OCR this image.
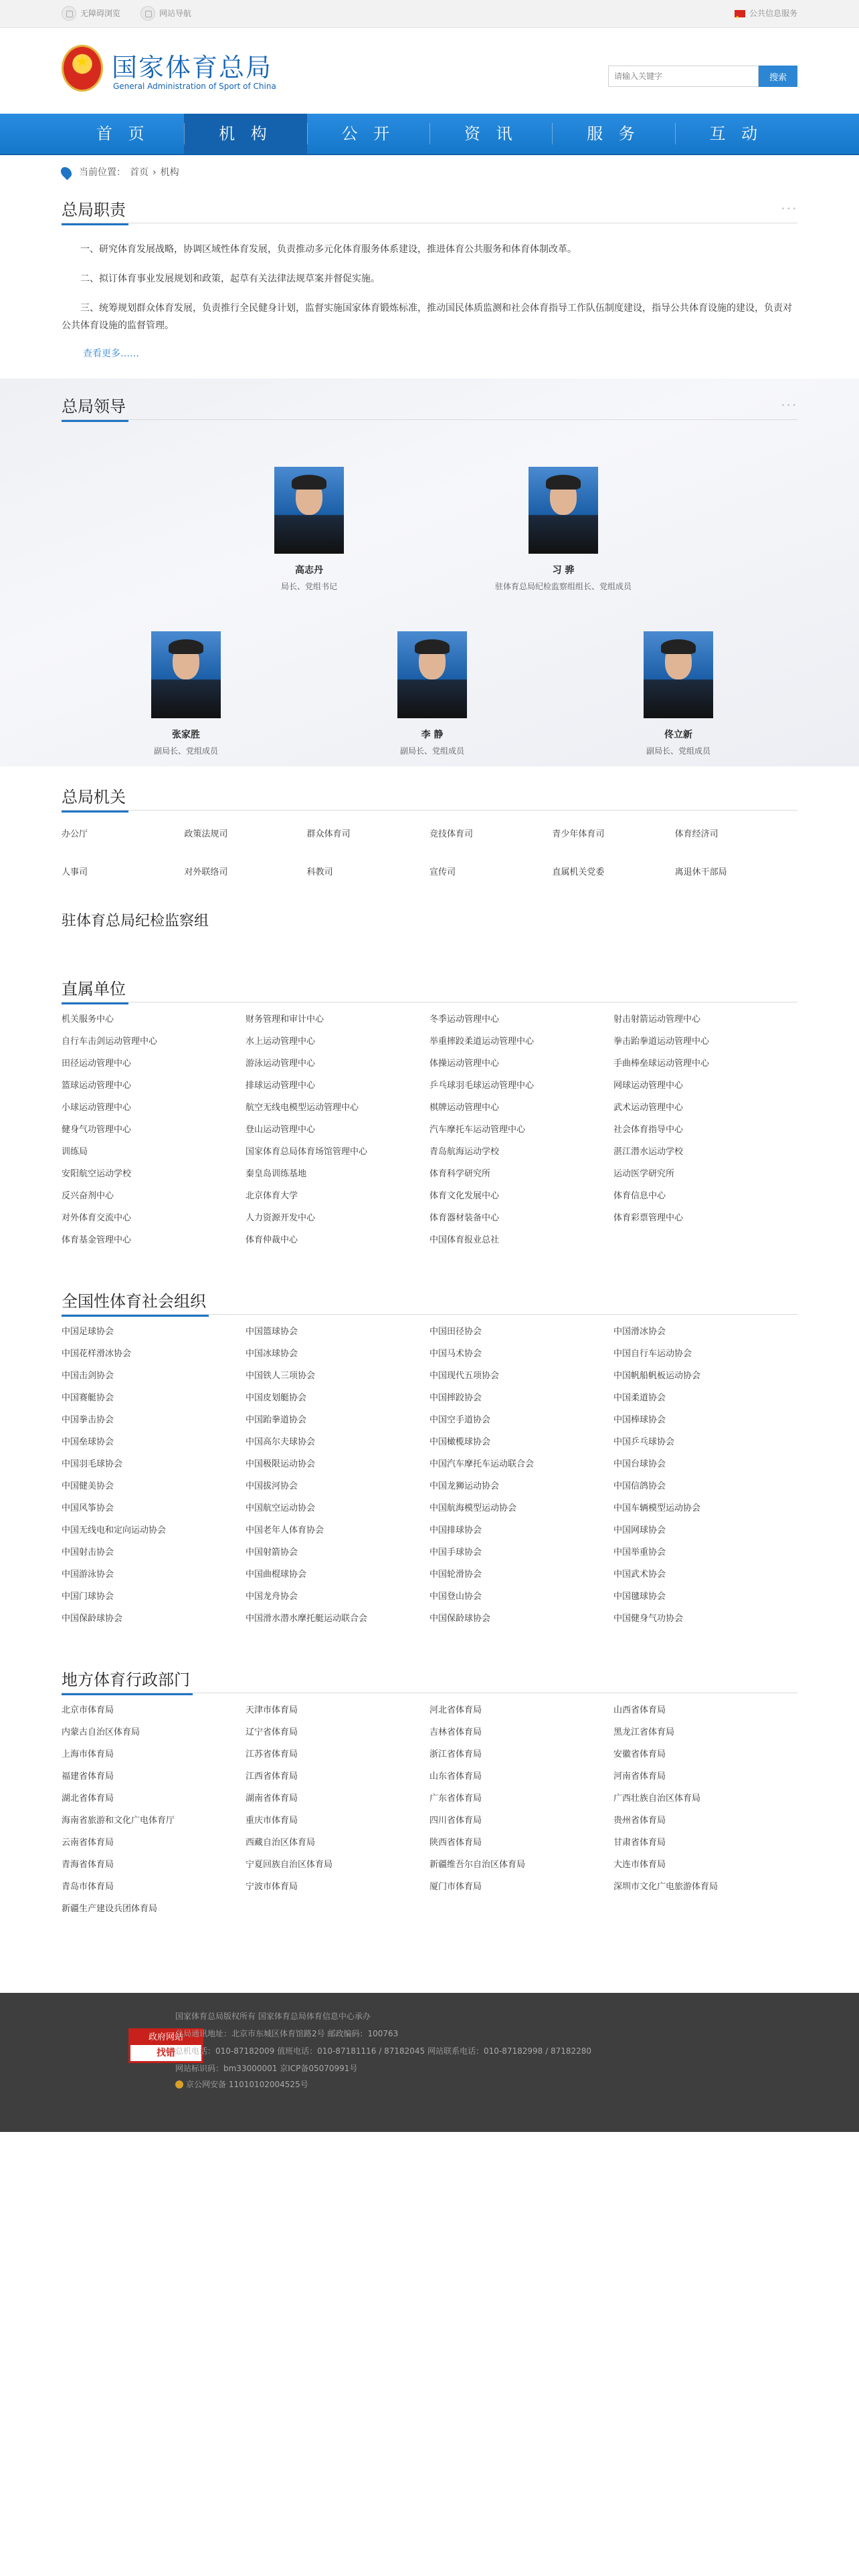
无障碍浏览	网站导航
★	公共信息服务
★
国家体育总局
General Administration of Sport of China
请输入关键字
搜索
首 页	机 构	公 开	资 讯	服 务	互 动
当前位置： 首页 › 机构
总局职责	···

一、研究体育发展战略，协调区域性体育发展，负责推动多元化体育服务体系建设，推进体育公共服务和体育体制改革。

二、拟订体育事业发展规划和政策，起草有关法律法规草案并督促实施。

三、统筹规划群众体育发展，负责推行全民健身计划，监督实施国家体育锻炼标准，推动国民体质监测和社会体育指导工作队伍制度建设，指导公共体育设施的建设，负责对公共体育设施的监督管理。

查看更多……
总局领导	···
高志丹
局长、党组书记
习 骅
驻体育总局纪检监察组组长、党组成员
张家胜
副局长、党组成员
李 静
副局长、党组成员
佟立新
副局长、党组成员
总局机关
办公厅	政策法规司	群众体育司	竞技体育司	青少年体育司	体育经济司
人事司	对外联络司	科教司	宣传司	直属机关党委	离退休干部局
驻体育总局纪检监察组
直属单位
机关服务中心	财务管理和审计中心	冬季运动管理中心	射击射箭运动管理中心
自行车击剑运动管理中心	水上运动管理中心	举重摔跤柔道运动管理中心	拳击跆拳道运动管理中心
田径运动管理中心	游泳运动管理中心	体操运动管理中心	手曲棒垒球运动管理中心
篮球运动管理中心	排球运动管理中心	乒乓球羽毛球运动管理中心	网球运动管理中心
小球运动管理中心	航空无线电模型运动管理中心	棋牌运动管理中心	武术运动管理中心
健身气功管理中心	登山运动管理中心	汽车摩托车运动管理中心	社会体育指导中心
训练局	国家体育总局体育场馆管理中心	青岛航海运动学校	湛江潜水运动学校
安阳航空运动学校	秦皇岛训练基地	体育科学研究所	运动医学研究所
反兴奋剂中心	北京体育大学	体育文化发展中心	体育信息中心
对外体育交流中心	人力资源开发中心	体育器材装备中心	体育彩票管理中心
体育基金管理中心	体育仲裁中心	中国体育报业总社
全国性体育社会组织
中国足球协会	中国篮球协会	中国田径协会	中国滑冰协会
中国花样滑冰协会	中国冰球协会	中国马术协会	中国自行车运动协会
中国击剑协会	中国铁人三项协会	中国现代五项协会	中国帆船帆板运动协会
中国赛艇协会	中国皮划艇协会	中国摔跤协会	中国柔道协会
中国拳击协会	中国跆拳道协会	中国空手道协会	中国棒球协会
中国垒球协会	中国高尔夫球协会	中国橄榄球协会	中国乒乓球协会
中国羽毛球协会	中国极限运动协会	中国汽车摩托车运动联合会	中国台球协会
中国健美协会	中国拔河协会	中国龙狮运动协会	中国信鸽协会
中国风筝协会	中国航空运动协会	中国航海模型运动协会	中国车辆模型运动协会
中国无线电和定向运动协会	中国老年人体育协会	中国排球协会	中国网球协会
中国射击协会	中国射箭协会	中国手球协会	中国举重协会
中国游泳协会	中国曲棍球协会	中国轮滑协会	中国武术协会
中国门球协会	中国龙舟协会	中国登山协会	中国毽球协会
中国保龄球协会	中国滑水潜水摩托艇运动联合会	中国保龄球协会	中国健身气功协会
地方体育行政部门
北京市体育局	天津市体育局	河北省体育局	山西省体育局
内蒙古自治区体育局	辽宁省体育局	吉林省体育局	黑龙江省体育局
上海市体育局	江苏省体育局	浙江省体育局	安徽省体育局
福建省体育局	江西省体育局	山东省体育局	河南省体育局
湖北省体育局	湖南省体育局	广东省体育局	广西壮族自治区体育局
海南省旅游和文化广电体育厅	重庆市体育局	四川省体育局	贵州省体育局
云南省体育局	西藏自治区体育局	陕西省体育局	甘肃省体育局
青海省体育局	宁夏回族自治区体育局	新疆维吾尔自治区体育局	大连市体育局
青岛市体育局	宁波市体育局	厦门市体育局	深圳市文化广电旅游体育局
新疆生产建设兵团体育局
政府网站
找错
国家体育总局版权所有 国家体育总局体育信息中心承办
总局通讯地址：北京市东城区体育馆路2号 邮政编码：100763
总机电话：010-87182009 值班电话：010-87181116 / 87182045 网站联系电话：010-87182998 / 87182280
网站标识码：bm33000001 京ICP备05070991号
京公网安备 11010102004525号
